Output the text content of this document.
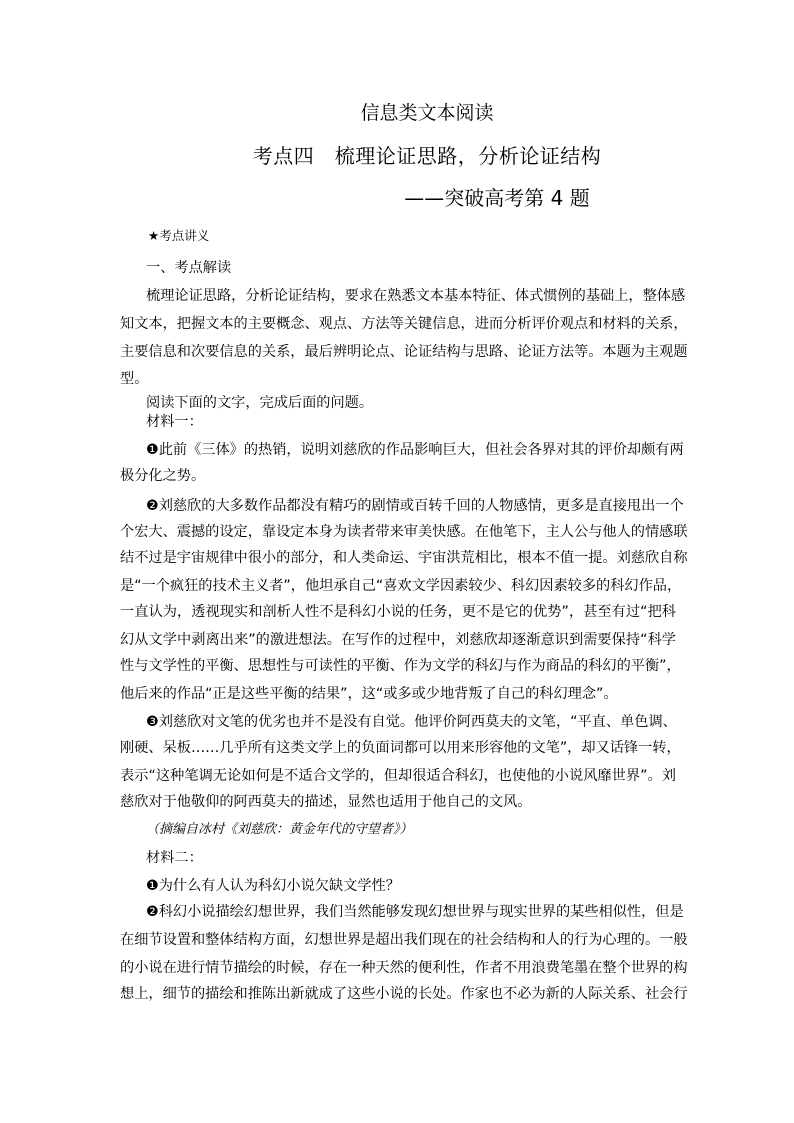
信息类文本阅读
考点四　梳理论证思路，分析论证结构
——突破高考第 4 题
★考点讲义
一、考点解读
梳理论证思路，分析论证结构，要求在熟悉文本基本特征、体式惯例的基础上，整体感
知文本，把握文本的主要概念、观点、方法等关键信息，进而分析评价观点和材料的关系，
主要信息和次要信息的关系，最后辨明论点、论证结构与思路、论证方法等。本题为主观题
型。
阅读下面的文字，完成后面的问题。
材料一：
❶此前《三体》的热销，说明刘慈欣的作品影响巨大，但社会各界对其的评价却颇有两
极分化之势。
❷刘慈欣的大多数作品都没有精巧的剧情或百转千回的人物感情，更多是直接甩出一个
个宏大、震撼的设定，靠设定本身为读者带来审美快感。在他笔下，主人公与他人的情感联
结不过是宇宙规律中很小的部分，和人类命运、宇宙洪荒相比，根本不值一提。刘慈欣自称
是“一个疯狂的技术主义者”，他坦承自己“喜欢文学因素较少、科幻因素较多的科幻作品，
一直认为，透视现实和剖析人性不是科幻小说的任务，更不是它的优势”，甚至有过“把科
幻从文学中剥离出来”的激进想法。在写作的过程中，刘慈欣却逐渐意识到需要保持“科学
性与文学性的平衡、思想性与可读性的平衡、作为文学的科幻与作为商品的科幻的平衡”，
他后来的作品“正是这些平衡的结果”，这“或多或少地背叛了自己的科幻理念”。
❸刘慈欣对文笔的优劣也并不是没有自觉。他评价阿西莫夫的文笔，“平直、单色调、
刚硬、呆板……几乎所有这类文学上的负面词都可以用来形容他的文笔”，却又话锋一转，
表示“这种笔调无论如何是不适合文学的，但却很适合科幻，也使他的小说风靡世界”。刘
慈欣对于他敬仰的阿西莫夫的描述，显然也适用于他自己的文风。
（摘编自冰村《刘慈欣：黄金年代的守望者》）
材料二：
❶为什么有人认为科幻小说欠缺文学性？
❷科幻小说描绘幻想世界，我们当然能够发现幻想世界与现实世界的某些相似性，但是
在细节设置和整体结构方面，幻想世界是超出我们现在的社会结构和人的行为心理的。一般
的小说在进行情节描绘的时候，存在一种天然的便利性，作者不用浪费笔墨在整个世界的构
想上，细节的描绘和推陈出新就成了这些小说的长处。作家也不必为新的人际关系、社会行
